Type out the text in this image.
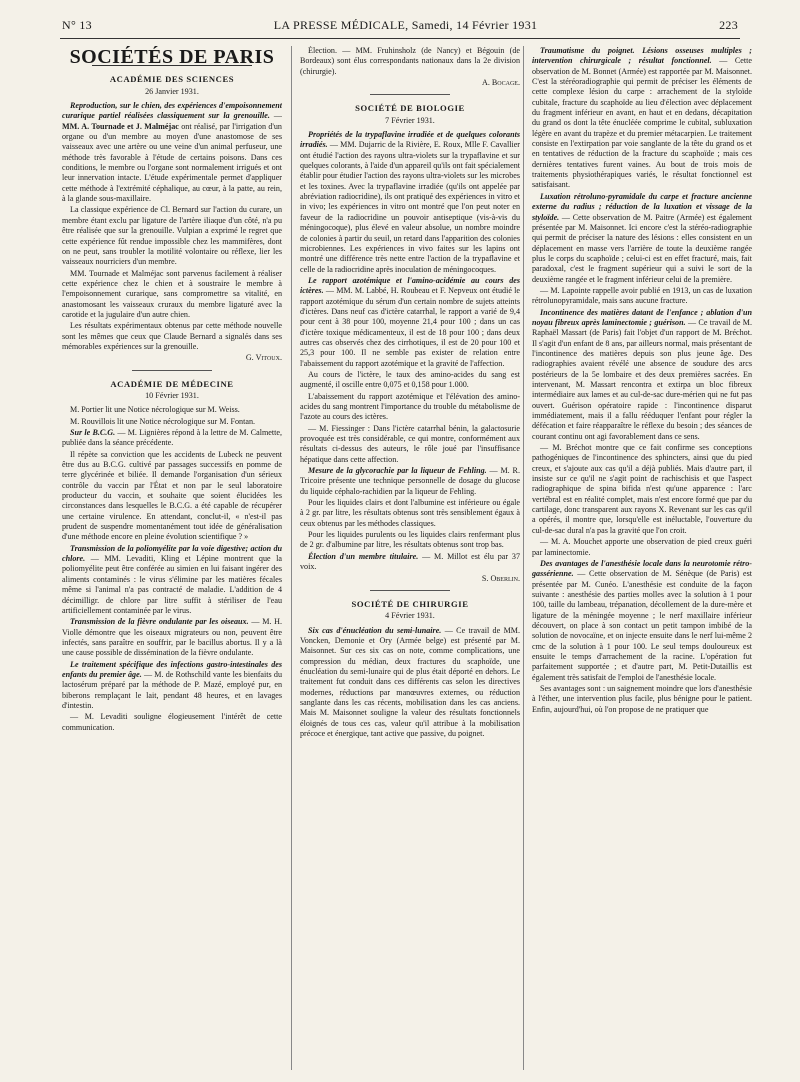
N° 13	LA PRESSE MÉDICALE, Samedi, 14 Février 1931	223
SOCIÉTÉS DE PARIS
ACADÉMIE DES SCIENCES
26 Janvier 1931.

Reproduction, sur le chien, des expériences d'empoisonnement curarique partiel réalisées classiquement sur la grenouille. — MM. A. Tournade et J. Malméjac ont réalisé, par l'irrigation d'un organe ou d'un membre au moyen d'une anastomose de ses vaisseaux avec une artère ou une veine d'un animal perfuseur, une méthode très favorable à l'étude de certains poisons. Dans ces conditions, le membre ou l'organe sont normalement irrigués et ont leur innervation intacte. L'étude expérimentale permet d'appliquer cette méthode à l'extrémité céphalique, au cœur, à la patte, au rein, à la glande sous-maxillaire.

La classique expérience de Cl. Bernard sur l'action du curare, un membre étant exclu par ligature de l'artère iliaque d'un côté, n'a pu être réalisée que sur la grenouille. Vulpian a exprimé le regret que cette expérience fût rendue impossible chez les mammifères, dont on ne peut, sans troubler la motilité volontaire ou réflexe, lier les vaisseaux nourriciers d'un membre.

MM. Tournade et Malméjac sont parvenus facilement à réaliser cette expérience chez le chien et à soustraire le membre à l'empoisonnement curarique, sans compromettre sa vitalité, en anastomosant les vaisseaux cruraux du membre ligaturé avec la carotide et la jugulaire d'un autre chien.

Les résultats expérimentaux obtenus par cette méthode nouvelle sont les mêmes que ceux que Claude Bernard a signalés dans ses mémorables expériences sur la grenouille.

G. Vitoux.
ACADÉMIE DE MÉDECINE
10 Février 1931.

M. Portier lit une Notice nécrologique sur M. Weiss.

M. Rouvillois lit une Notice nécrologique sur M. Fontan.

Sur le B.C.G. — M. Lignières répond à la lettre de M. Calmette, publiée dans la séance précédente.

Il répète sa conviction que les accidents de Lubeck ne peuvent être dus au B.C.G. cultivé par passages successifs en pomme de terre glycérinée et biliée. Il demande l'organisation d'un sérieux contrôle du vaccin par l'État et non par le seul laboratoire producteur du vaccin, et souhaite que soient élucidées les circonstances dans lesquelles le B.C.G. a été capable de récupérer une certaine virulence. En attendant, conclut-il, « n'est-il pas prudent de suspendre momentanément tout idée de généralisation d'une méthode encore en pleine évolution scientifique ? »

Transmission de la poliomyélite par la voie digestive; action du chlore. — MM. Levaditi, Kling et Lépine montrent que la poliomyélite peut être conférée au simien en lui faisant ingérer des aliments contaminés : le virus s'élimine par les matières fécales même si l'animal n'a pas contracté de maladie. L'addition de 4 décimilligr. de chlore par litre suffit à stériliser de l'eau artificiellement contaminée par le virus.

Transmission de la fièvre ondulante par les oiseaux. — M. H. Violle démontre que les oiseaux migrateurs ou non, peuvent être infectés, sans paraître en souffrir, par le bacillus abortus. Il y a là une cause possible de dissémination de la fièvre ondulante.

Le traitement spécifique des infections gastro-intestinales des enfants du premier âge. — M. de Rothschild vante les bienfaits du lactosérum préparé par la méthode de P. Mazé, employé pur, en biberons remplaçant le lait, pendant 48 heures, et en lavages d'intestin.

— M. Levaditi souligne élogieusement l'intérêt de cette communication.

Élection. — MM. Fruhinsholz (de Nancy) et Bégouin (de Bordeaux) sont élus correspondants nationaux dans la 2e division (chirurgie).

A. Bocage.
SOCIÉTÉ DE BIOLOGIE
7 Février 1931.

Propriétés de la trypaflavine irradiée et de quelques colorants irradiés. — MM. Dujarric de la Rivière, E. Roux, Mlle F. Cavallier ont étudié l'action des rayons ultra-violets sur la trypaflavine et sur quelques colorants, à l'aide d'un appareil qu'ils ont fait spécialement établir pour étudier l'action des rayons ultra-violets sur les microbes et les toxines. Avec la trypaflavine irradiée (qu'ils ont appelée par abréviation radiocridine), ils ont pratiqué des expériences in vitro et in vivo; les expériences in vitro ont montré que l'on peut noter en faveur de la radiocridine un pouvoir antiseptique (vis-à-vis du méningocoque), plus élevé en valeur absolue, un nombre moindre de colonies à partir du seuil, un retard dans l'apparition des colonies microbiennes. Les expériences in vivo faites sur les lapins ont montré une différence très nette entre l'action de la trypaflavine et celle de la radiocridine après inoculation de méningocoques.

Le rapport azotémique et l'amino-acidémie au cours des ictères. — MM. M. Labbé, H. Roubeau et F. Nepveux ont étudié le rapport azotémique du sérum d'un certain nombre de sujets atteints d'ictères. Dans neuf cas d'ictère catarrhal, le rapport a varié de 9,4 pour cent à 38 pour 100, moyenne 21,4 pour 100 ; dans un cas d'ictère toxique médicamenteux, il est de 18 pour 100 ; dans deux autres cas observés chez des cirrhotiques, il est de 20 pour 100 et 25,3 pour 100. Il ne semble pas exister de relation entre l'abaissement du rapport azotémique et la gravité de l'affection.

Au cours de l'ictère, le taux des amino-acides du sang est augmenté, il oscille entre 0,075 et 0,158 pour 1.000.

L'abaissement du rapport azotémique et l'élévation des amino-acides du sang montrent l'importance du trouble du métabolisme de l'azote au cours des ictères.

— M. Fiessinger : Dans l'ictère catarrhal bénin, la galactosurie provoquée est très considérable, ce qui montre, conformément aux résultats ci-dessus des auteurs, le rôle joué par l'insuffisance hépatique dans cette affection.

Mesure de la glycorachie par la liqueur de Fehling. — M. R. Tricoire présente une technique personnelle de dosage du glucose du liquide céphalo-rachidien par la liqueur de Fehling.

Pour les liquides clairs et dont l'albumine est inférieure ou égale à 2 gr. par litre, les résultats obtenus sont très sensiblement égaux à ceux obtenus par les méthodes classiques.

Pour les liquides purulents ou les liquides clairs renfermant plus de 2 gr. d'albumine par litre, les résultats obtenus sont trop bas.

Élection d'un membre titulaire. — M. Millot est élu par 37 voix.

S. Oberlin.
SOCIÉTÉ DE CHIRURGIE
4 Février 1931.

Six cas d'énucléation du semi-lunaire. — Ce travail de MM. Voncken, Demonie et Ory (Armée belge) est présenté par M. Maisonnet. Sur ces six cas on note, comme complications, une compression du médian, deux fractures du scaphoïde, une énucléation du semi-lunaire qui de plus était déporté en dehors. Le traitement fut conduit dans ces différents cas selon les directives modernes, réductions par manœuvres externes, ou réduction sanglante dans les cas récents, mobilisation dans les cas anciens. Mais M. Maisonnet souligne la valeur des résultats fonctionnels éloignés de tous ces cas, valeur qu'il attribue à la mobilisation précoce et énergique, tant active que passive, du poignet.

Traumatisme du poignet. Lésions osseuses multiples ; intervention chirurgicale ; résultat fonctionnel. — Cette observation de M. Bonnet (Armée) est rapportée par M. Maisonnet. C'est la stéréoradiographie qui permit de préciser les éléments de cette complexe lésion du carpe : arrachement de la styloïde cubitale, fracture du scaphoïde au lieu d'élection avec déplacement du fragment inférieur en avant, en haut et en dedans, décapitation du grand os dont la tête énucléée comprime le cubital, subluxation légère en avant du trapèze et du premier métacarpien. Le traitement consiste en l'extirpation par voie sanglante de la tête du grand os et en tentatives de réduction de la fracture du scaphoïde ; mais ces dernières tentatives furent vaines. Au bout de trois mois de traitements physiothérapiques variés, le résultat fonctionnel est satisfaisant.

Luxation rétroluno-pyramidale du carpe et fracture ancienne externe du radius ; réduction de la luxation et vissage de la styloïde. — Cette observation de M. Paitre (Armée) est également présentée par M. Maisonnet. Ici encore c'est la stéréo-radiographie qui permit de préciser la nature des lésions : elles consistent en un déplacement en masse vers l'arrière de toute la deuxième rangée plus le corps du scaphoïde ; celui-ci est en effet fracturé, mais, fait paradoxal, c'est le fragment supérieur qui a suivi le sort de la deuxième rangée et le fragment inférieur celui de la première.

— M. Lapointe rappelle avoir publié en 1913, un cas de luxation rétrolunopyramidale, mais sans aucune fracture.

Incontinence des matières datant de l'enfance ; ablation d'un noyau fibreux après laminectomie ; guérison. — Ce travail de M. Raphaël Massart (de Paris) fait l'objet d'un rapport de M. Bréchot. Il s'agit d'un enfant de 8 ans, par ailleurs normal, mais présentant de l'incontinence des matières depuis son plus jeune âge. Des radiographies avaient révélé une absence de soudure des arcs postérieurs de la 5e lombaire et des deux premières sacrées. En intervenant, M. Massart rencontra et extirpa un bloc fibreux intermédiaire aux lames et au cul-de-sac dure-mérien qui ne fut pas ouvert. Guérison opératoire rapide : l'incontinence disparut immédiatement, mais il a fallu rééduquer l'enfant pour régler la défécation et faire réapparaître le réflexe du besoin ; des séances de courant continu ont agi favorablement dans ce sens.

— M. Bréchot montre que ce fait confirme ses conceptions pathogéniques de l'incontinence des sphincters, ainsi que du pied creux, et s'ajoute aux cas qu'il a déjà publiés. Mais d'autre part, il insiste sur ce qu'il ne s'agit point de rachischisis et que l'aspect radiographique de spina bifida n'est qu'une apparence : l'arc vertébral est en réalité complet, mais n'est encore formé que par du cartilage, donc transparent aux rayons X. Revenant sur les cas qu'il a opérés, il montre que, lorsqu'elle est inéluctable, l'ouverture du cul-de-sac dural n'a pas la gravité que l'on croit.

— M. A. Mouchet apporte une observation de pied creux guéri par laminectomie.

Des avantages de l'anesthésie locale dans la neurotomie rétro-gassérienne. — Cette observation de M. Sénèque (de Paris) est présentée par M. Cunéo. L'anesthésie est conduite de la façon suivante : anesthésie des parties molles avec la solution à 1 pour 100, taille du lambeau, trépanation, décollement de la dure-mère et ligature de la méningée moyenne ; le nerf maxillaire inférieur découvert, on place à son contact un petit tampon imbibé de la solution de novocaïne, et on injecte ensuite dans le nerf lui-même 2 cmc de la solution à 1 pour 100. Le seul temps douloureux est ensuite le temps d'arrachement de la racine. L'opération fut parfaitement supportée ; et d'autre part, M. Petit-Dutaillis est également très satisfait de l'emploi de l'anesthésie locale.

Ses avantages sont : un saignement moindre que lors d'anesthésie à l'éther, une intervention plus facile, plus bénigne pour le patient. Enfin, aujourd'hui, où l'on propose de ne pratiquer que
